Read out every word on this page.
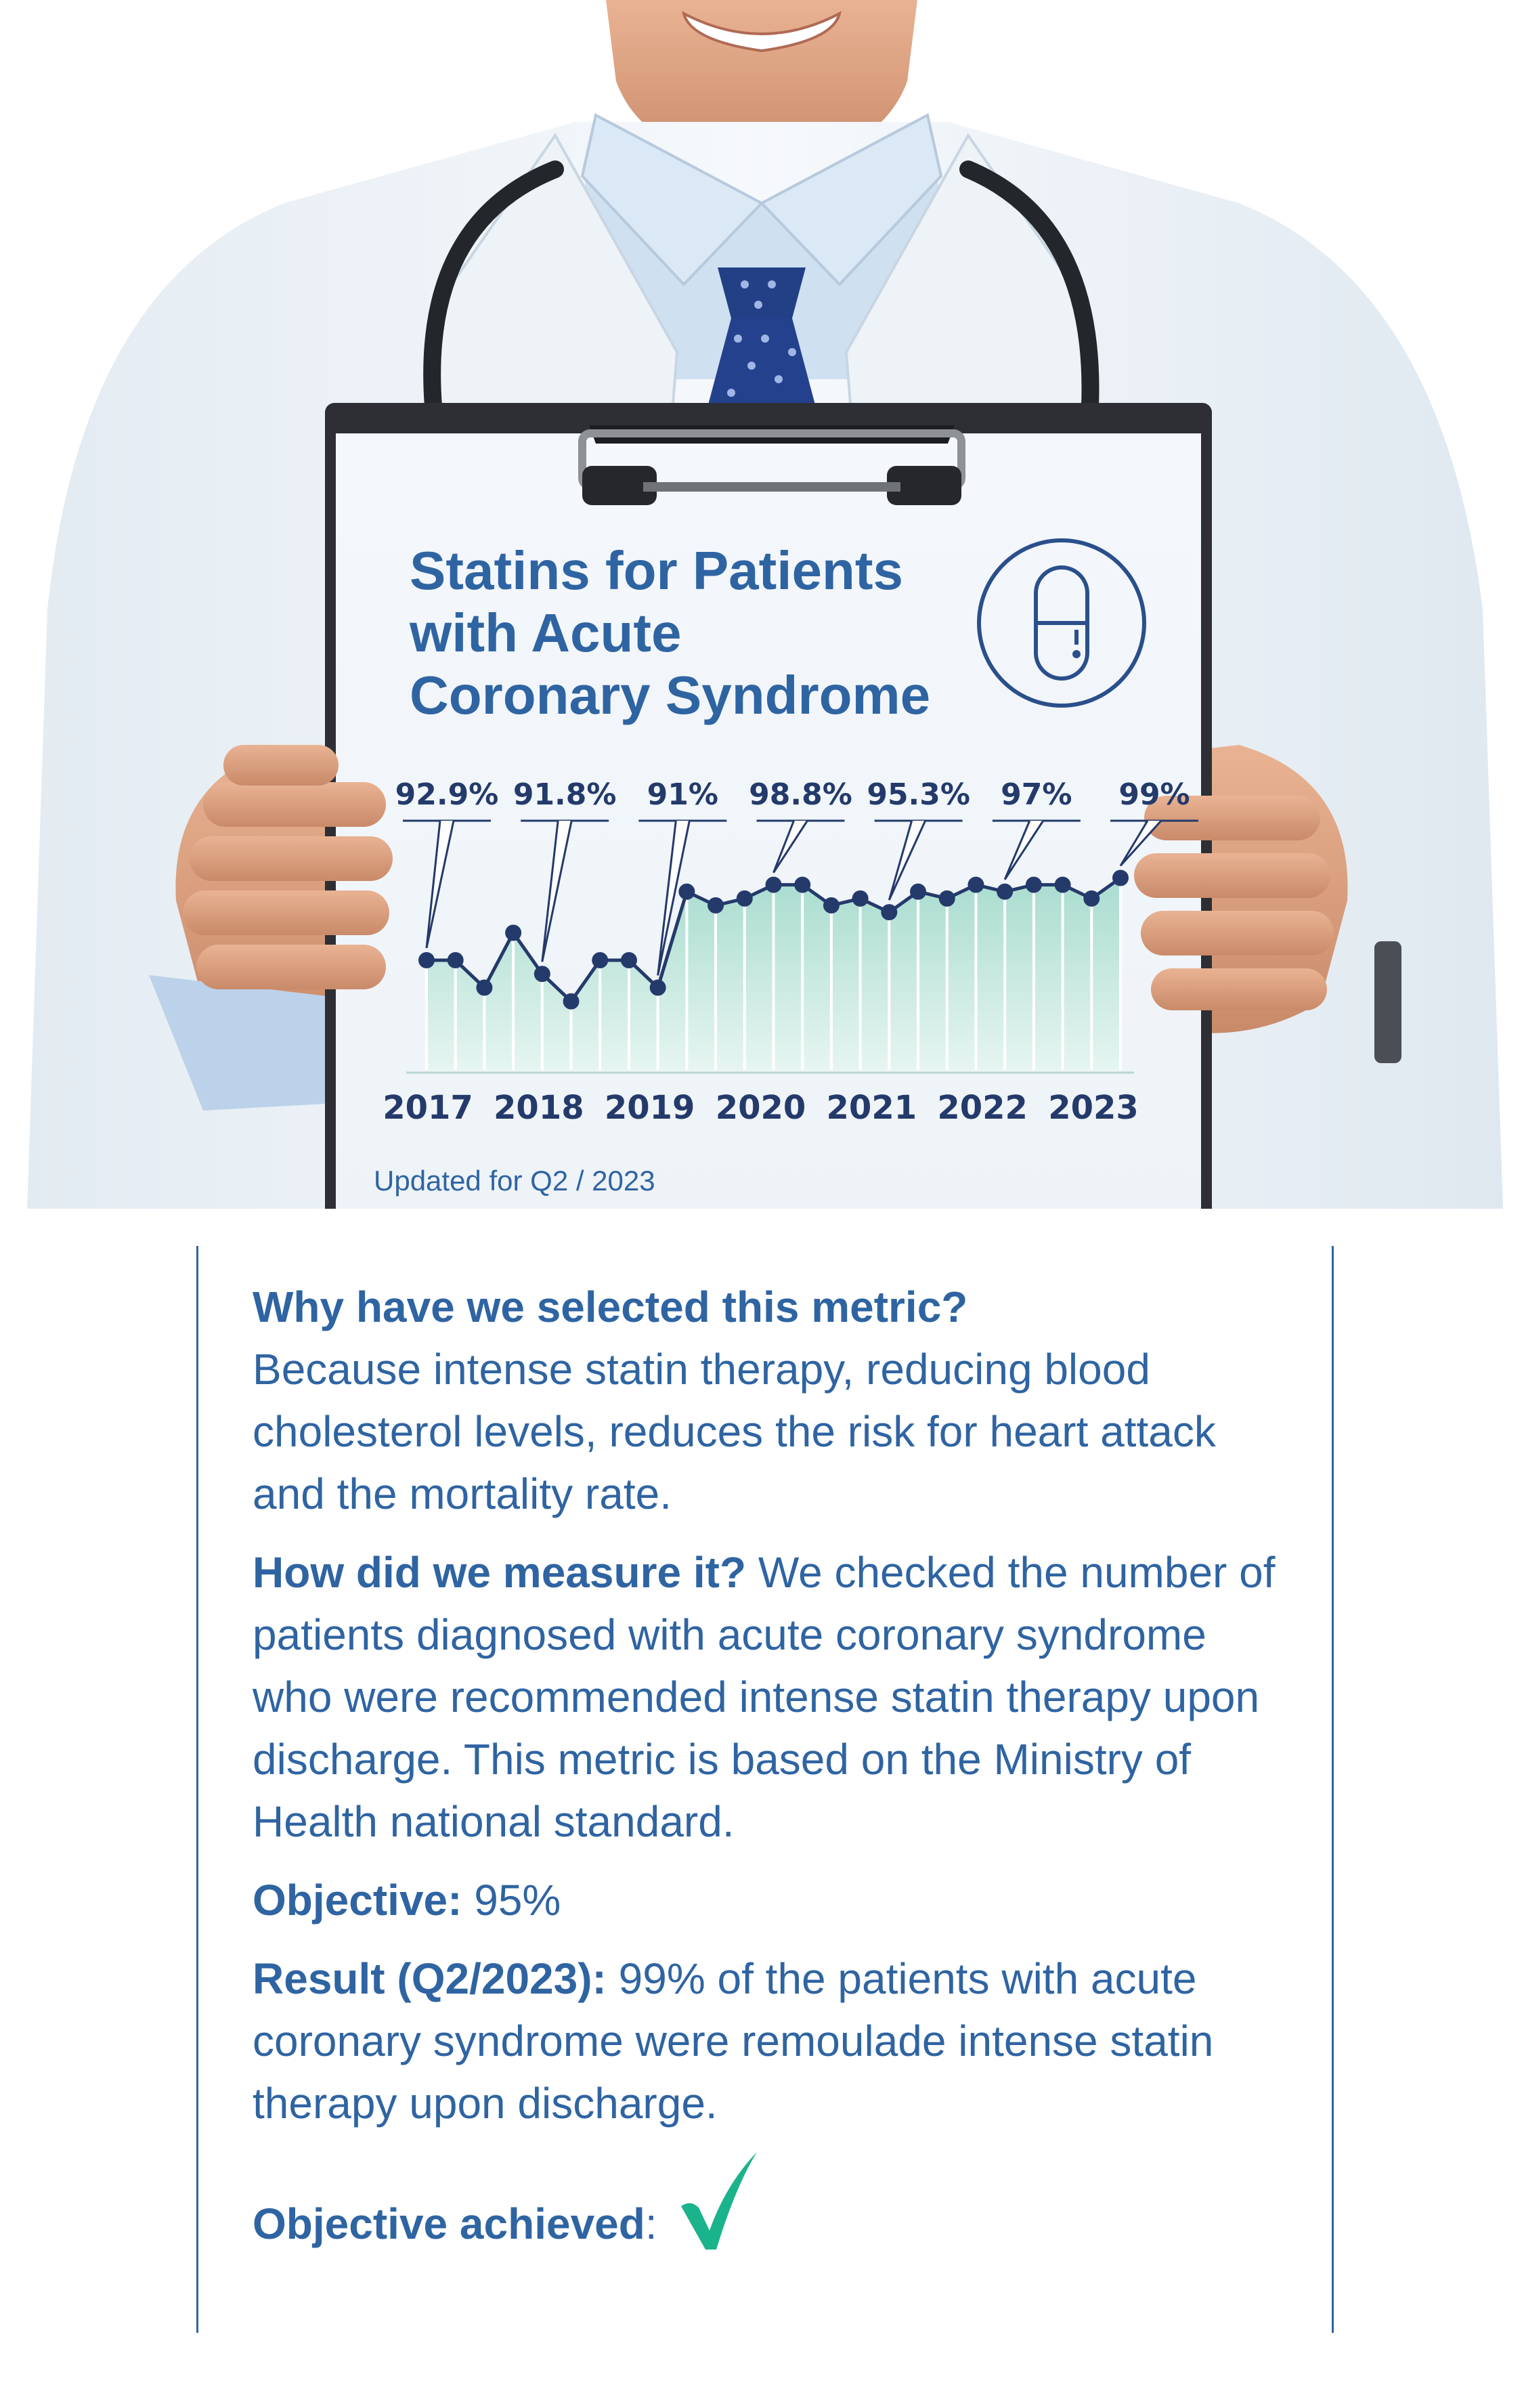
Statins for Patients
with Acute
Coronary Syndrome
92.9% 91.8% 91% 98.8% 95.3% 97% 99%
2017 2018 2019 2020 2021 2022 2023
Updated for Q2 / 2023

Why have we selected this metric?
Because intense statin therapy, reducing blood cholesterol levels, reduces the risk for heart attack and the mortality rate.

How did we measure it? We checked the number of patients diagnosed with acute coronary syndrome who were recommended intense statin therapy upon discharge. This metric is based on the Ministry of Health national standard.

Objective: 95%

Result (Q2/2023): 99% of the patients with acute coronary syndrome were remoulade intense statin therapy upon discharge.

Objective achieved:
